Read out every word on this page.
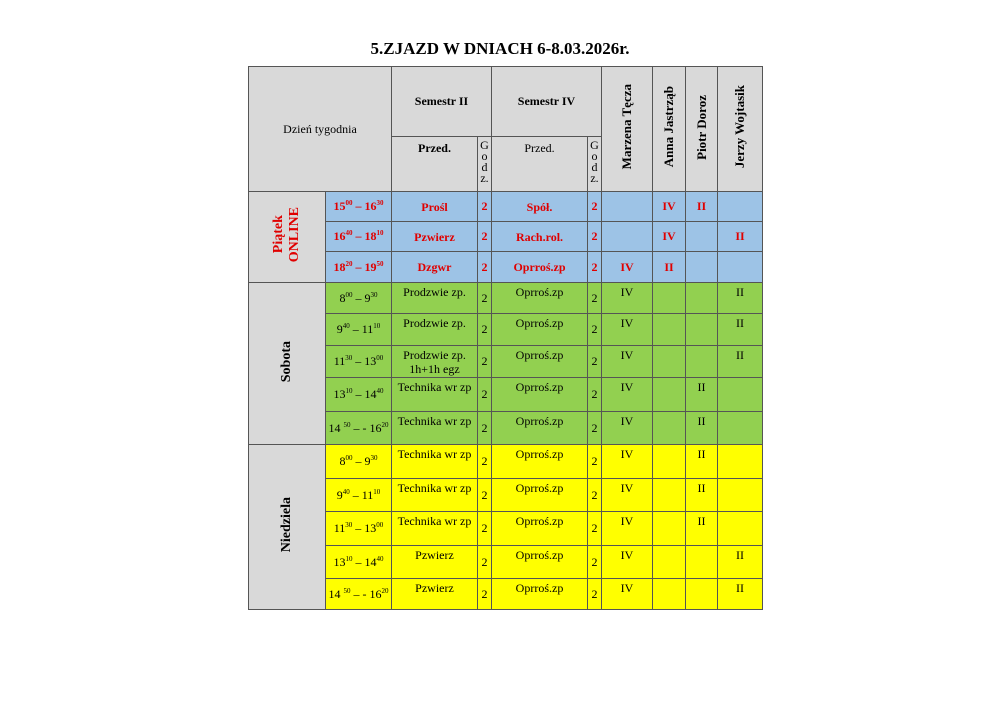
5.ZJAZD W DNIACH 6-8.03.2026r.
Dzień tygodnia		Semestr II		Semestr IV		Marzena Tęcza	Anna Jastrząb	Piotr Doroz	Jerzy Wojtasik
		Przed.	G o d z.	Przed.	G o d z.				
Piątek
ONLINE	$15^{00} - 16^{30}$	Prośl	2	Spół.	2		IV	II	
	$16^{40} - 18^{10}$	Pzwierz	2	Rach.rol.	2		IV		II
	$18^{20} - 19^{50}$	Dzgwr	2	Oprroś.zp	2	IV	II		
Sobota	$8^{00} - 9^{30}$	Prodzwie zp.	2	Oprroś.zp	2	IV			II
	$9^{40} - 11^{10}$	Prodzwie zp.	2	Oprroś.zp	2	IV			II
	$11^{30} - 13^{00}$	Prodzwie zp. 1h+1h egz	2	Oprroś.zp	2	IV			II
	$13^{10} - 14^{40}$	Technika wr zp	2	Oprroś.zp	2	IV		II	
	14 $^{50}$ – - $16^{20}$	Technika wr zp	2	Oprroś.zp	2	IV		II	
Niedziela	$8^{00} - 9^{30}$	Technika wr zp	2	Oprroś.zp	2	IV		II	
	$9^{40} - 11^{10}$	Technika wr zp	2	Oprroś.zp	2	IV		II	
	$11^{30} - 13^{00}$	Technika wr zp	2	Oprroś.zp	2	IV		II	
	$13^{10} - 14^{40}$	Pzwierz	2	Oprroś.zp	2	IV			II
	14 $^{50}$ – - $16^{20}$	Pzwierz	2	Oprroś.zp	2	IV			II
